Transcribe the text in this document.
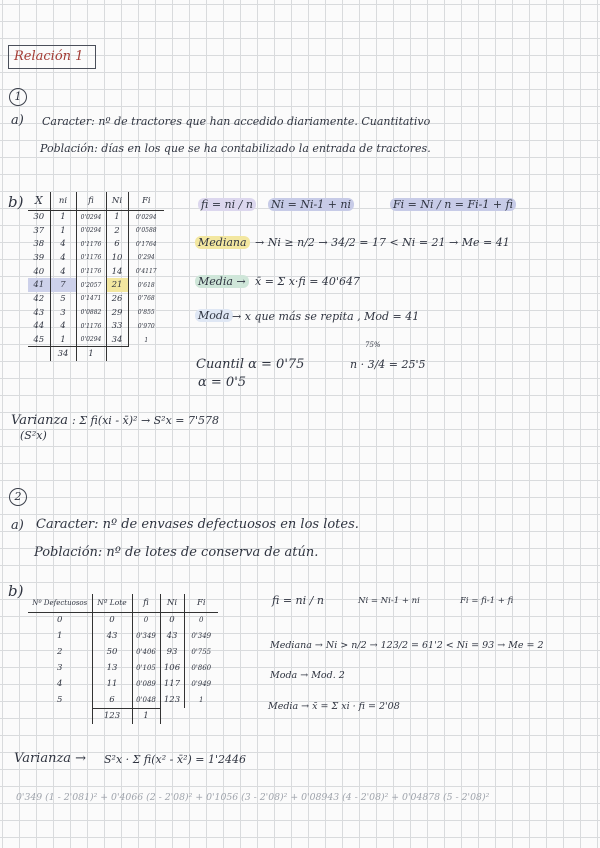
Relación 1
1
a) Caracter: nº de tractores que han accedido diariamente. Cuantitativo
Población: días en los que se ha contabilizado la entrada de tractores.
b) X	ni	fi	Ni	Fi
30	1	0'0294	1	0'0294
37	1	0'0294	2	0'0588
38	4	0'1176	6	0'1764
39	4	0'1176	10	0'294
40	4	0'1176	14	0'4117
41	7	0'2057	21	0'618
42	5	0'1471	26	0'768
43	3	0'0882	29	0'855
44	4	0'1176	33	0'970
45	1	0'0294	34	1
	34	1		
fi = ni / n Ni = Ni-1 + ni	Fi = Ni / n = Fi-1 + fi
Mediana → Ni ≥ n/2 → 34/2 = 17 < Ni = 21 → Me = 41
Media → x̄ = Σ x·fi = 40'647
Moda → x que más se repita , Mod = 41
Cuantil α = 0'75
75%
n · 3/4 = 25'5
α = 0'5
Varianza
(S²x)
: Σ fi(xi - x̄)² → S²x = 7'578
2
a) Caracter: nº de envases defectuosos en los lotes.
Población: nº de lotes de conserva de atún.
b)
Nº Defectuosos	Nº Lote	fi	Ni	Fi
0	0	0	0	0
1	43	0'349	43	0'349
2	50	0'406	93	0'755
3	13	0'105	106	0'860
4	11	0'089	117	0'949
5	6	0'048	123	1
	123	1		
fi = ni / n	Ni = Ni-1 + ni	Fi = fi-1 + fi
Mediana → Ni > n/2 → 123/2 = 61'2 < Ni = 93 → Me = 2
Moda → Mod. 2
Media → x̄ = Σ xi · fi = 2'08
Varianza → S²x · Σ fi(x² - x̄²) = 1'2446
0'349 (1 - 2'081)² + 0'4066 (2 - 2'08)² + 0'1056 (3 - 2'08)² + 0'08943 (4 - 2'08)² + 0'04878 (5 - 2'08)²
